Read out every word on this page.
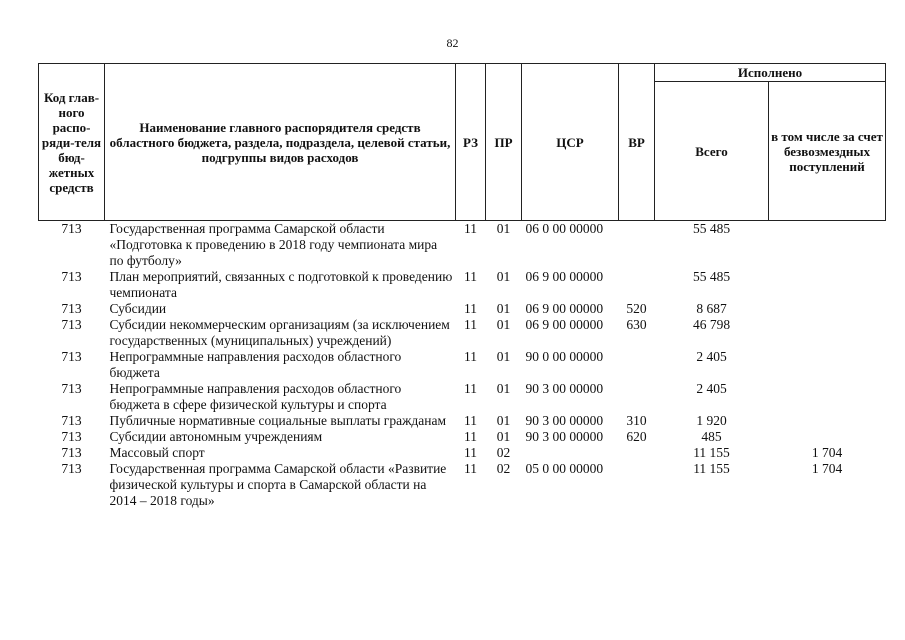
82
Код глав-ного распо-ряди-теля бюд-жетных средств	Наименование главного распорядителя средств областного бюджета, раздела, подраздела, целевой статьи, подгруппы видов расходов	РЗ	ПР	ЦСР	ВР	Исполнено	
						Всего	в том числе за счет безвозмездных поступлений
713	Государственная программа Самарской области «Подготовка к проведению в 2018 году чемпионата мира по футболу»	11	01	06 0 00 00000		55 485	
713	План мероприятий, связанных с подготовкой к проведению чемпионата	11	01	06 9 00 00000		55 485	
713	Субсидии	11	01	06 9 00 00000	520	8 687	
713	Субсидии некоммерческим организациям (за исключением государственных (муниципальных) учреждений)	11	01	06 9 00 00000	630	46 798	
713	Непрограммные направления расходов областного бюджета	11	01	90 0 00 00000		2 405	
713	Непрограммные направления расходов областного бюджета в сфере физической культуры и спорта	11	01	90 3 00 00000		2 405	
713	Публичные нормативные социальные выплаты гражданам	11	01	90 3 00 00000	310	1 920	
713	Субсидии автономным учреждениям	11	01	90 3 00 00000	620	485	
713	Массовый спорт	11	02			11 155	1 704
713	Государственная программа Самарской области «Развитие физической культуры и спорта в Самарской области на 2014 – 2018 годы»	11	02	05 0 00 00000		11 155	1 704
